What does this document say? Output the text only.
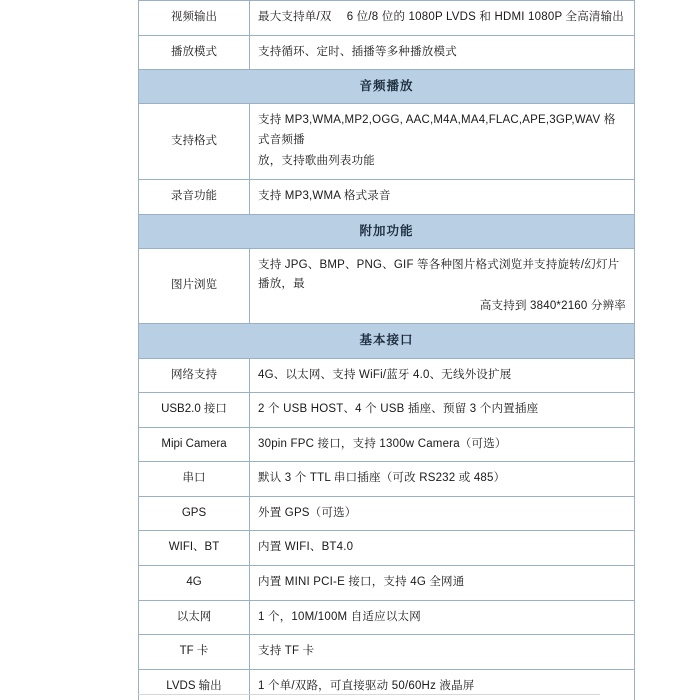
视频输出	最大支持单/双　 6 位/8 位的 1080P LVDS 和 HDMI 1080P 全高清输出

播放模式	支持循环、定时、插播等多种播放模式

音频播放	
支持格式	支持 MP3,WMA,MP2,OGG, AAC,M4A,MA4,FLAC,APE,3GP,WAV 格式音频播

放，支持歌曲列表功能

录音功能	支持 MP3,WMA 格式录音

附加功能	
图片浏览	支持 JPG、BMP、PNG、GIF 等各种图片格式浏览并支持旋转/幻灯片播放，最

高支持到 3840*2160 分辨率

基本接口	
网络支持	4G、以太网、支持 WiFi/蓝牙 4.0、无线外设扩展

USB2.0 接口	2 个 USB HOST、4 个 USB 插座、预留 3 个内置插座

Mipi Camera	30pin FPC 接口，支持 1300w Camera（可选）

串口	默认 3 个 TTL 串口插座（可改 RS232 或 485）

GPS	外置 GPS（可选）

WIFI、BT	内置 WIFI、BT4.0

4G	内置 MINI PCI-E 接口，支持 4G 全网通

以太网	1 个，10M/100M 自适应以太网

TF 卡	支持 TF 卡

LVDS 输出	1 个单/双路，可直接驱动 50/60Hz 液晶屏
